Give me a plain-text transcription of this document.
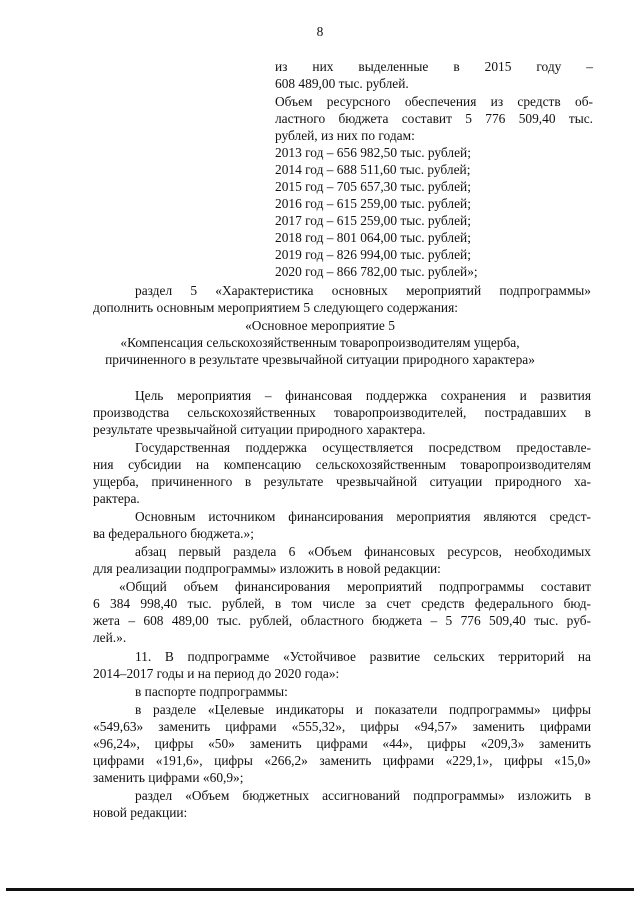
8
из них выделенные в 2015 году –
608 489,00 тыс. рублей.
Объем ресурсного обеспечения из средств об-
ластного бюджета составит 5 776 509,40 тыс.
рублей, из них по годам:
2013 год – 656 982,50 тыс. рублей;
2014 год – 688 511,60 тыс. рублей;
2015 год – 705 657,30 тыс. рублей;
2016 год – 615 259,00 тыс. рублей;
2017 год – 615 259,00 тыс. рублей;
2018 год – 801 064,00 тыс. рублей;
2019 год – 826 994,00 тыс. рублей;
2020 год – 866 782,00 тыс. рублей»;
раздел 5 «Характеристика основных мероприятий подпрограммы»
дополнить основным мероприятием 5 следующего содержания:
«Основное мероприятие 5
«Компенсация сельскохозяйственным товаропроизводителям ущерба,
причиненного в результате чрезвычайной ситуации природного характера»
Цель мероприятия – финансовая поддержка сохранения и развития
производства сельскохозяйственных товаропроизводителей, пострадавших в
результате чрезвычайной ситуации природного характера.
Государственная поддержка осуществляется посредством предоставле-
ния субсидии на компенсацию сельскохозяйственным товаропроизводителям
ущерба, причиненного в результате чрезвычайной ситуации природного ха-
рактера.
Основным источником финансирования мероприятия являются средст-
ва федерального бюджета.»;
абзац первый раздела 6 «Объем финансовых ресурсов, необходимых
для реализации подпрограммы» изложить в новой редакции:
«Общий объем финансирования мероприятий подпрограммы составит
6 384 998,40 тыс. рублей, в том числе за счет средств федерального бюд-
жета – 608 489,00 тыс. рублей, областного бюджета – 5 776 509,40 тыс. руб-
лей.».
11. В подпрограмме «Устойчивое развитие сельских территорий на
2014–2017 годы и на период до 2020 года»:
в паспорте подпрограммы:
в разделе «Целевые индикаторы и показатели подпрограммы» цифры
«549,63» заменить цифрами «555,32», цифры «94,57» заменить цифрами
«96,24», цифры «50» заменить цифрами «44», цифры «209,3» заменить
цифрами «191,6», цифры «266,2» заменить цифрами «229,1», цифры «15,0»
заменить цифрами «60,9»;
раздел «Объем бюджетных ассигнований подпрограммы» изложить в
новой редакции:
